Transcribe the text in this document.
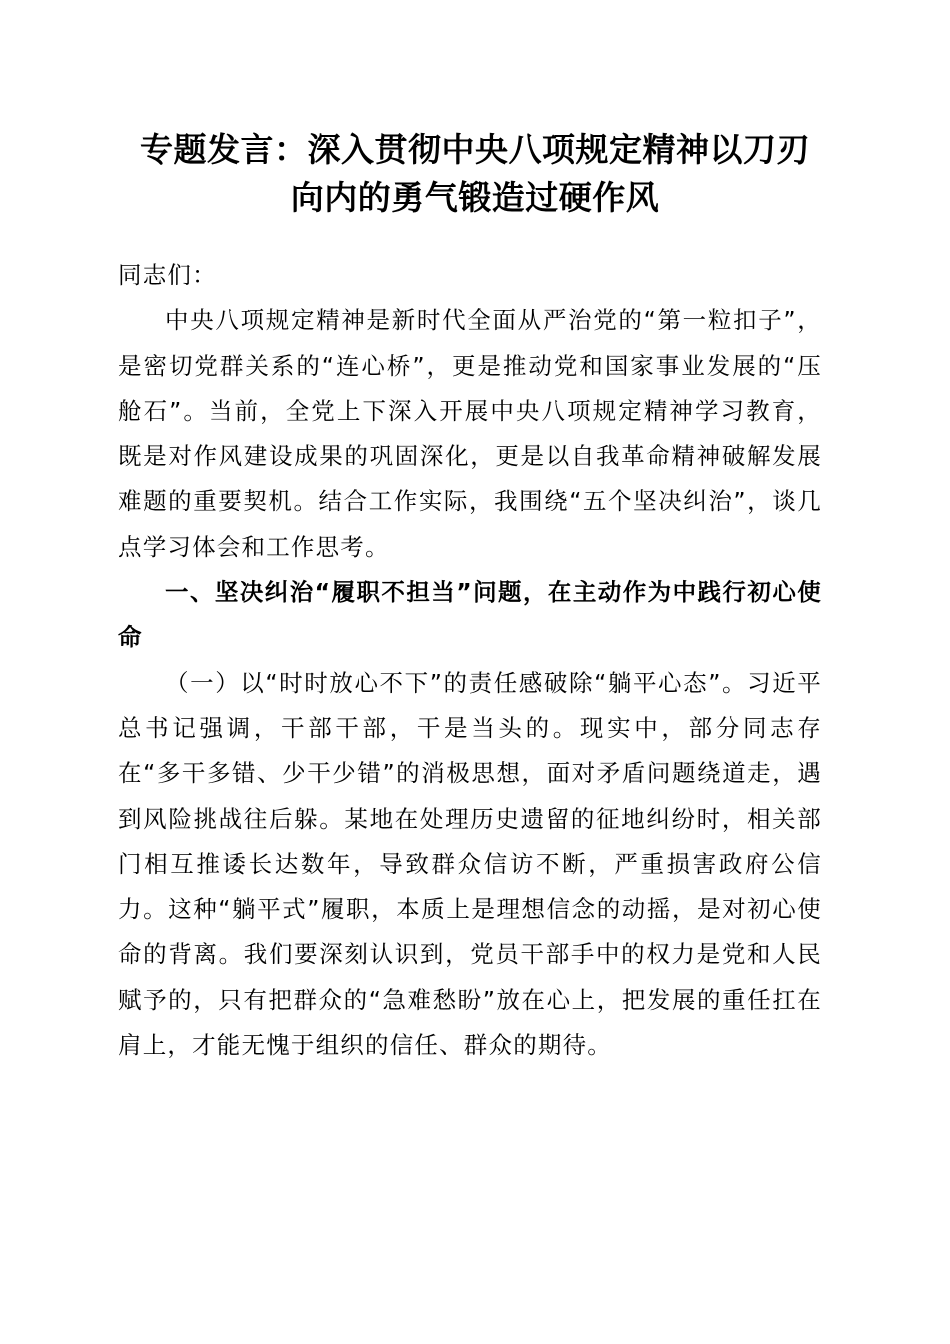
专题发言：深入贯彻中央八项规定精神以刀刃
向内的勇气锻造过硬作风

同志们：

中央八项规定精神是新时代全面从严治党的“第一粒扣子”，是密切党群关系的“连心桥”，更是推动党和国家事业发展的“压舱石”。当前，全党上下深入开展中央八项规定精神学习教育，既是对作风建设成果的巩固深化，更是以自我革命精神破解发展难题的重要契机。结合工作实际，我围绕“五个坚决纠治”，谈几点学习体会和工作思考。

一、坚决纠治“履职不担当”问题，在主动作为中践行初心使命

（一）以“时时放心不下”的责任感破除“躺平心态”。习近平总书记强调，干部干部，干是当头的。现实中，部分同志存在“多干多错、少干少错”的消极思想，面对矛盾问题绕道走，遇到风险挑战往后躲。某地在处理历史遗留的征地纠纷时，相关部门相互推诿长达数年，导致群众信访不断，严重损害政府公信力。这种“躺平式”履职，本质上是理想信念的动摇，是对初心使命的背离。我们要深刻认识到，党员干部手中的权力是党和人民赋予的，只有把群众的“急难愁盼”放在心上，把发展的重任扛在肩上，才能无愧于组织的信任、群众的期待。
